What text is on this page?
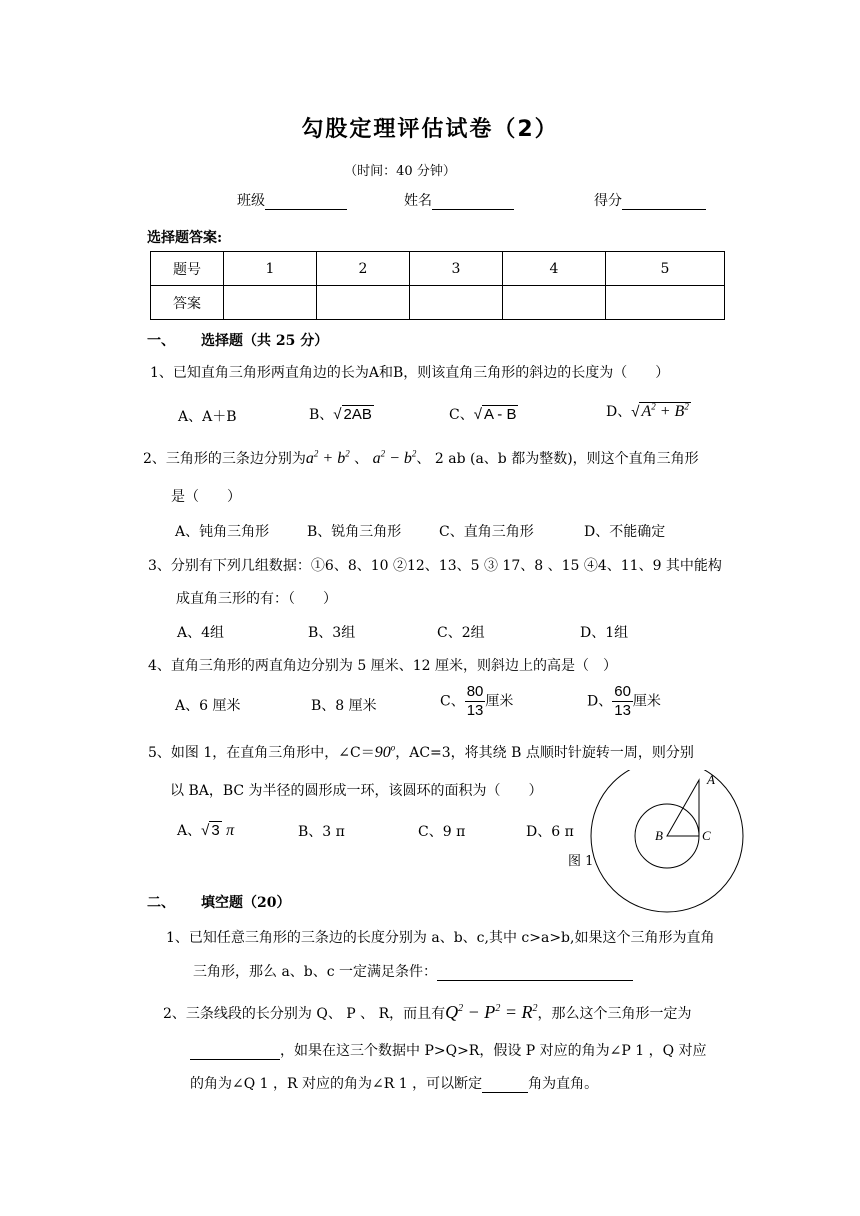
勾股定理评估试卷（2）
（时间：40 分钟）
班级	姓名	得分
选择题答案:
题号	1	2	3	4	5
答案					
一、 选择题（共 25 分）
1、已知直角三角形两直角边的长为A和B，则该直角三角形的斜边的长度为（　　）
A、A＋B	B、√ 2AB	C、√ A - B	D、√ $A^2 + B^2$
2、三角形的三条边分别为$a^2 + b^2$ 、 $a^2 - b^2$、 2 ab (a、b 都为整数)，则这个直角三角形
是（　　）
A、钝角三角形	B、锐角三角形	C、直角三角形	D、不能确定
3、分别有下列几组数据：①6、8、10 ②12、13、5 ③ 17、8 、15 ④4、11、9 其中能构
成直角三形的有：（　　）
A、4组	B、3组	C、2组	D、1组
4、直角三角形的两直角边分别为 5 厘米、12 厘米，则斜边上的高是（　）
A、6 厘米	B、8 厘米	C、 $\frac{80}{13}$ 厘米	D、 $\frac{60}{13}$ 厘米
5、如图 1，在直角三角形中，$\angle C=90^o$，AC=3，将其绕 B 点顺时针旋转一周，则分别
以 BA，BC 为半径的圆形成一环，该圆环的面积为（　　）
A、√ 3 π	B、3 π	C、9 π	D、6 π
A
B	C
图 1
二、 填空题（20）
1、已知任意三角形的三条边的长度分别为 a、b、c,其中 c>a>b,如果这个三角形为直角
三角形，那么 a、b、c 一定满足条件：
2、三条线段的长分别为 Q、 P 、 R，而且有$Q^2 - P^2 = R^2$，那么这个三角形一定为
，如果在这三个数据中 P>Q>R，假设 P 对应的角为∠P 1 ，Q 对应
的角为∠Q 1 ，R 对应的角为∠R 1 ，可以断定	角为直角。
